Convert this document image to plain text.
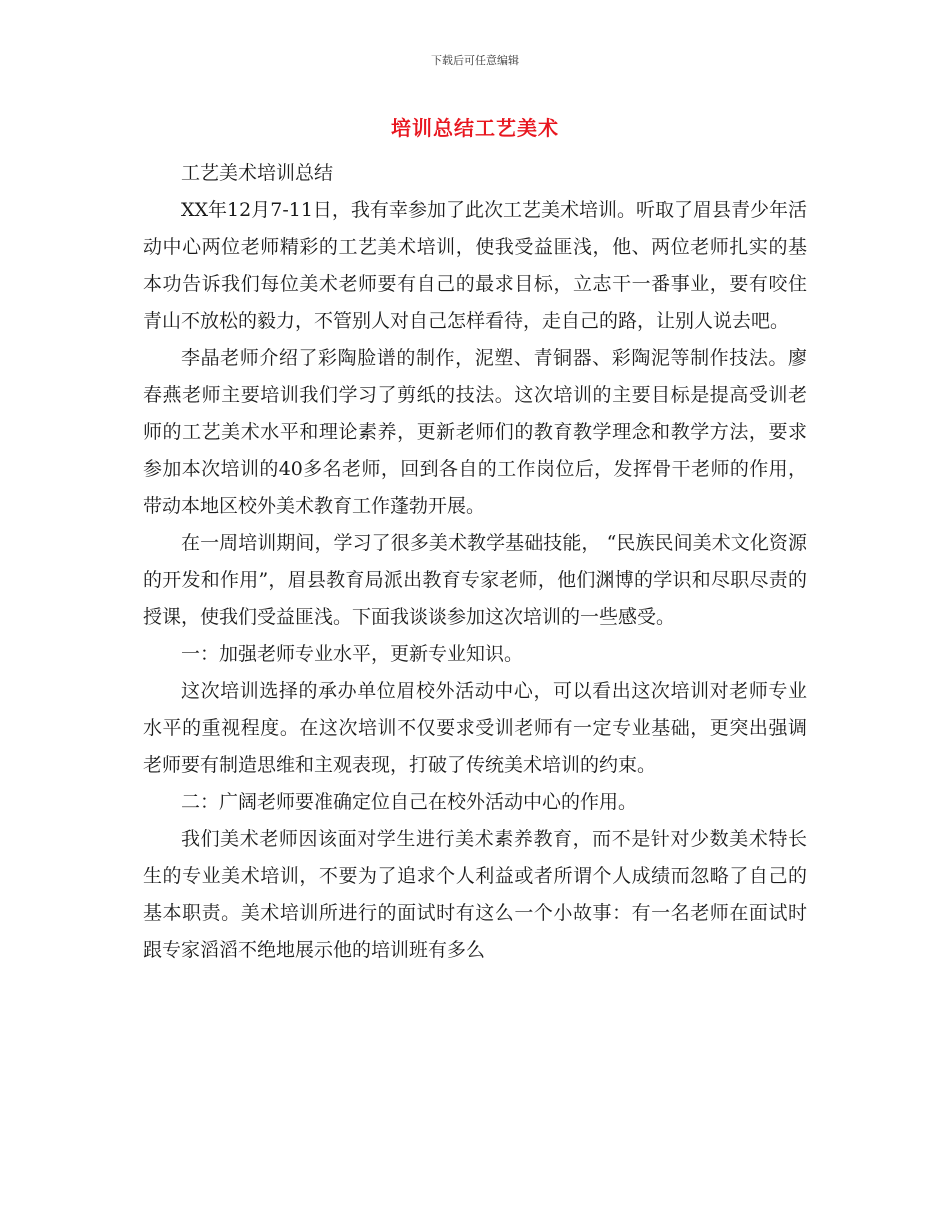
下载后可任意编辑
培训总结工艺美术

工艺美术培训总结

XX年12月7-11日，我有幸参加了此次工艺美术培训。听取了眉县青少年活动中心两位老师精彩的工艺美术培训，使我受益匪浅，他、两位老师扎实的基本功告诉我们每位美术老师要有自己的最求目标，立志干一番事业，要有咬住青山不放松的毅力，不管别人对自己怎样看待，走自己的路，让别人说去吧。

李晶老师介绍了彩陶脸谱的制作，泥塑、青铜器、彩陶泥等制作技法。廖春燕老师主要培训我们学习了剪纸的技法。这次培训的主要目标是提高受训老师的工艺美术水平和理论素养，更新老师们的教育教学理念和教学方法，要求参加本次培训的40多名老师，回到各自的工作岗位后，发挥骨干老师的作用，带动本地区校外美术教育工作蓬勃开展。

在一周培训期间，学习了很多美术教学基础技能， “民族民间美术文化资源的开发和作用”，眉县教育局派出教育专家老师，他们渊博的学识和尽职尽责的授课，使我们受益匪浅。下面我谈谈参加这次培训的一些感受。

一：加强老师专业水平，更新专业知识。

这次培训选择的承办单位眉校外活动中心，可以看出这次培训对老师专业水平的重视程度。在这次培训不仅要求受训老师有一定专业基础，更突出强调老师要有制造思维和主观表现，打破了传统美术培训的约束。

二：广阔老师要准确定位自己在校外活动中心的作用。

我们美术老师因该面对学生进行美术素养教育，而不是针对少数美术特长生的专业美术培训，不要为了追求个人利益或者所谓个人成绩而忽略了自己的基本职责。美术培训所进行的面试时有这么一个小故事：有一名老师在面试时跟专家滔滔不绝地展示他的培训班有多么
